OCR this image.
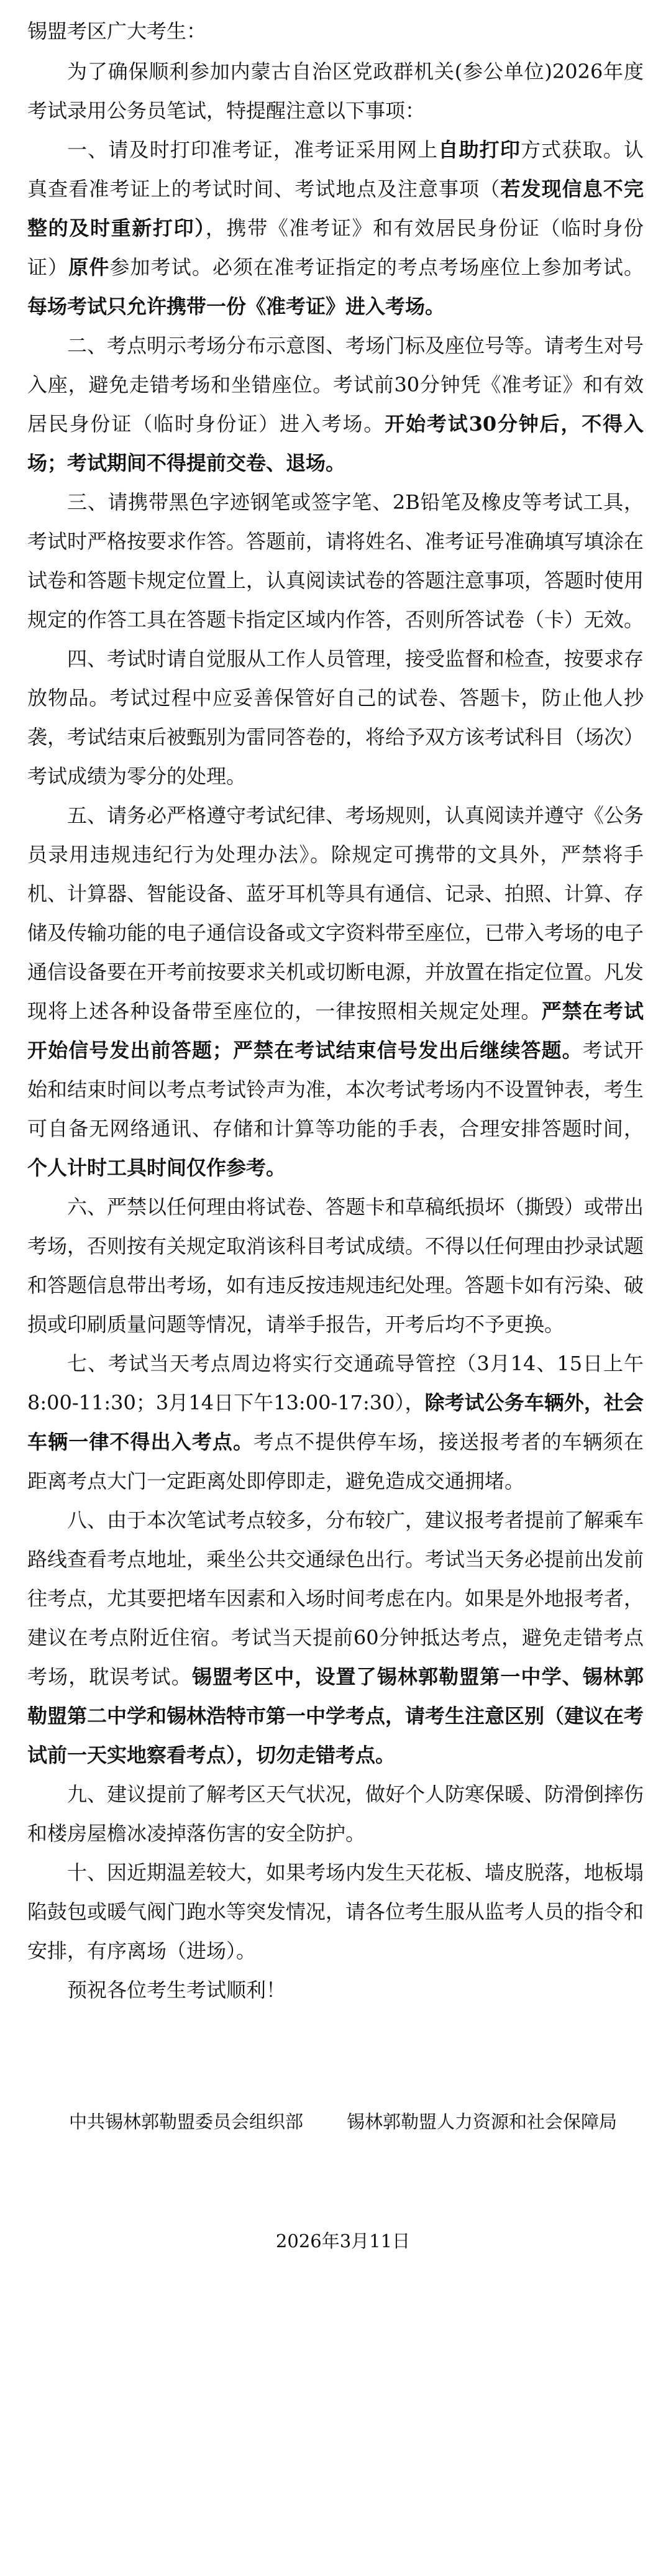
锡盟考区广大考生：

为了确保顺利参加内蒙古自治区党政群机关(参公单位)2026年度考试录用公务员笔试，特提醒注意以下事项：

一、请及时打印准考证，准考证采用网上自助打印方式获取。认真查看准考证上的考试时间、考试地点及注意事项（若发现信息不完整的及时重新打印），携带《准考证》和有效居民身份证（临时身份证）原件参加考试。必须在准考证指定的考点考场座位上参加考试。每场考试只允许携带一份《准考证》进入考场。

二、考点明示考场分布示意图、考场门标及座位号等。请考生对号入座，避免走错考场和坐错座位。考试前30分钟凭《准考证》和有效居民身份证（临时身份证）进入考场。开始考试30分钟后，不得入场；考试期间不得提前交卷、退场。

三、请携带黑色字迹钢笔或签字笔、2B铅笔及橡皮等考试工具，考试时严格按要求作答。答题前，请将姓名、准考证号准确填写填涂在试卷和答题卡规定位置上，认真阅读试卷的答题注意事项，答题时使用规定的作答工具在答题卡指定区域内作答，否则所答试卷（卡）无效。

四、考试时请自觉服从工作人员管理，接受监督和检查，按要求存放物品。考试过程中应妥善保管好自己的试卷、答题卡，防止他人抄袭，考试结束后被甄别为雷同答卷的，将给予双方该考试科目（场次）考试成绩为零分的处理。

五、请务必严格遵守考试纪律、考场规则，认真阅读并遵守《公务员录用违规违纪行为处理办法》。除规定可携带的文具外，严禁将手机、计算器、智能设备、蓝牙耳机等具有通信、记录、拍照、计算、存储及传输功能的电子通信设备或文字资料带至座位，已带入考场的电子通信设备要在开考前按要求关机或切断电源，并放置在指定位置。凡发现将上述各种设备带至座位的，一律按照相关规定处理。严禁在考试开始信号发出前答题；严禁在考试结束信号发出后继续答题。考试开始和结束时间以考点考试铃声为准，本次考试考场内不设置钟表，考生可自备无网络通讯、存储和计算等功能的手表，合理安排答题时间，个人计时工具时间仅作参考。

六、严禁以任何理由将试卷、答题卡和草稿纸损坏（撕毁）或带出考场，否则按有关规定取消该科目考试成绩。不得以任何理由抄录试题和答题信息带出考场，如有违反按违规违纪处理。答题卡如有污染、破损或印刷质量问题等情况，请举手报告，开考后均不予更换。

七、考试当天考点周边将实行交通疏导管控（3月14、15日上午8:00-11:30；3月14日下午13:00-17:30），除考试公务车辆外，社会车辆一律不得出入考点。考点不提供停车场，接送报考者的车辆须在距离考点大门一定距离处即停即走，避免造成交通拥堵。

八、由于本次笔试考点较多，分布较广，建议报考者提前了解乘车路线查看考点地址，乘坐公共交通绿色出行。考试当天务必提前出发前往考点，尤其要把堵车因素和入场时间考虑在内。如果是外地报考者，建议在考点附近住宿。考试当天提前60分钟抵达考点，避免走错考点考场，耽误考试。锡盟考区中，设置了锡林郭勒盟第一中学、锡林郭勒盟第二中学和锡林浩特市第一中学考点，请考生注意区别（建议在考试前一天实地察看考点），切勿走错考点。

九、建议提前了解考区天气状况，做好个人防寒保暖、防滑倒摔伤和楼房屋檐冰凌掉落伤害的安全防护。

十、因近期温差较大，如果考场内发生天花板、墙皮脱落，地板塌陷鼓包或暖气阀门跑水等突发情况，请各位考生服从监考人员的指令和安排，有序离场（进场）。

预祝各位考生考试顺利！

中共锡林郭勒盟委员会组织部 锡林郭勒盟人力资源和社会保障局
2026年3月11日
